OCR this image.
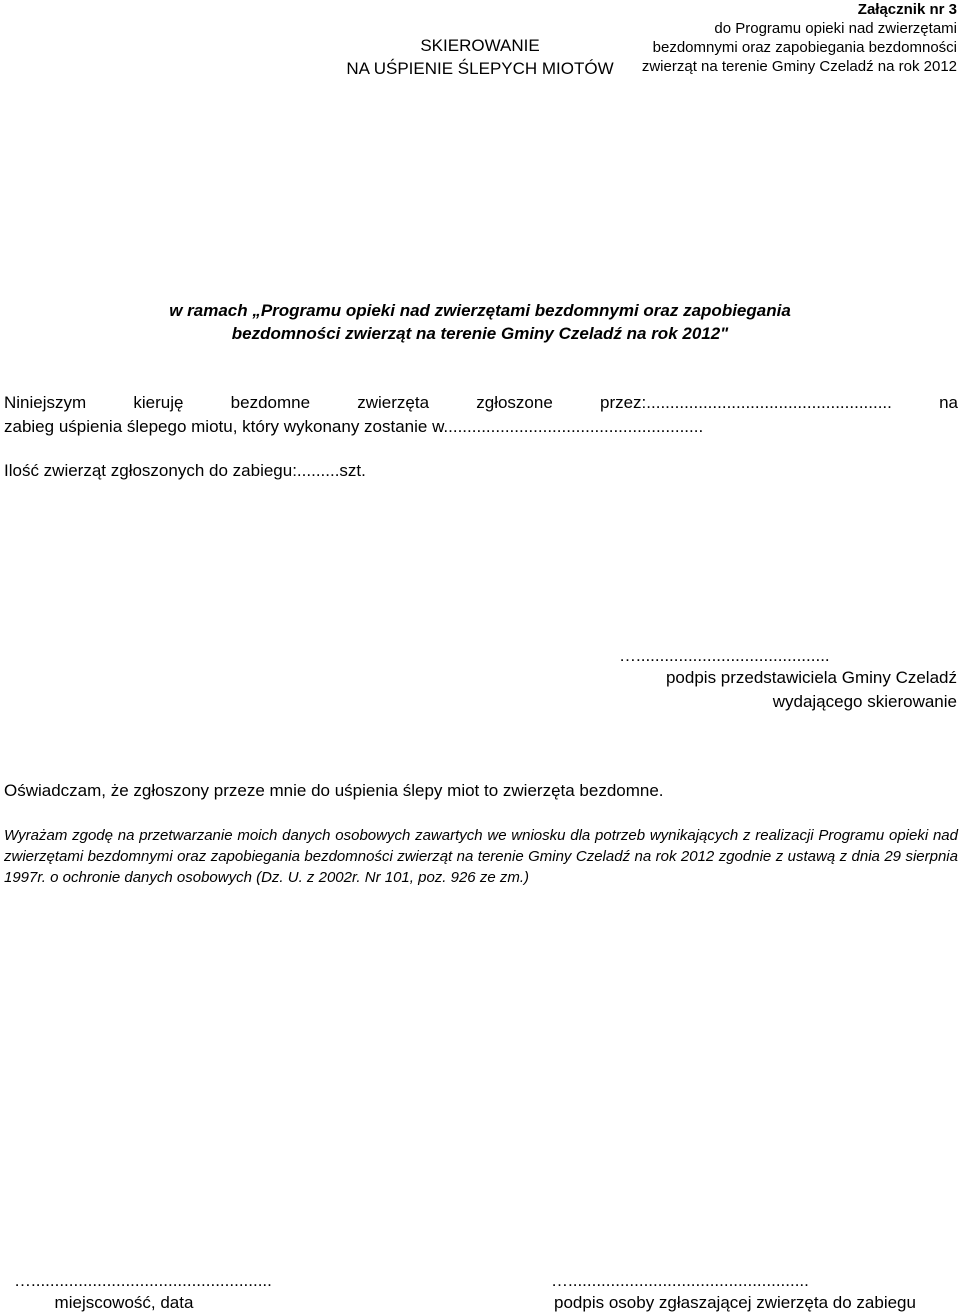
Załącznik nr 3
do Programu opieki nad zwierzętami
bezdomnymi oraz zapobiegania bezdomności
zwierząt na terenie Gminy Czeladź na rok 2012
SKIEROWANIE
NA UŚPIENIE ŚLEPYCH MIOTÓW
w ramach „Programu opieki nad zwierzętami bezdomnymi oraz zapobiegania
bezdomności zwierząt na terenie Gminy Czeladź na rok 2012"
Niniejszym	kieruję	bezdomne	zwierzęta	zgłoszone	przez:....................................................	na
zabieg uśpienia ślepego miotu, który wykonany zostanie w.......................................................
Ilość zwierząt zgłoszonych do zabiegu:.........szt.
….........................................
podpis przedstawiciela Gminy Czeladź
wydającego skierowanie
Oświadczam, że zgłoszony przeze mnie do uśpienia ślepy miot to zwierzęta bezdomne.
Wyrażam zgodę na przetwarzanie moich danych osobowych zawartych we wniosku dla potrzeb wynikających z realizacji Programu opieki nad zwierzętami bezdomnymi oraz zapobiegania bezdomności zwierząt na terenie Gminy Czeladź na rok 2012 zgodnie z ustawą z dnia 29 sierpnia 1997r. o ochronie danych osobowych (Dz. U. z 2002r. Nr 101, poz. 926 ze zm.)
…...................................................
miejscowość, data
…...................................................
podpis osoby zgłaszającej zwierzęta do zabiegu
